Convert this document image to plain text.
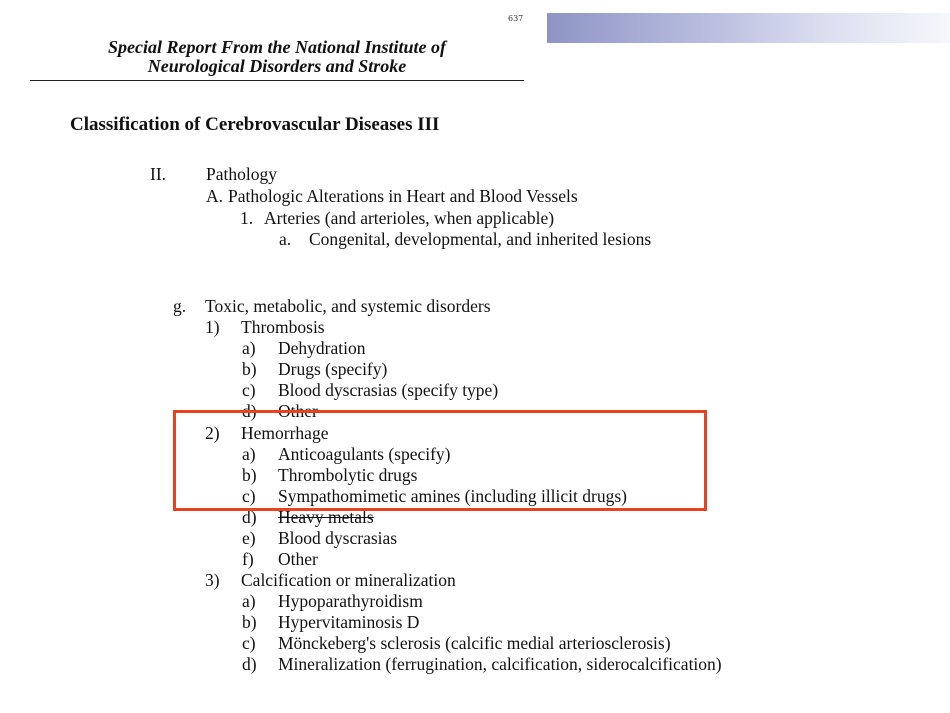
637
Special Report From the National Institute of
Neurological Disorders and Stroke
Classification of Cerebrovascular Diseases III
II. Pathology
A. Pathologic Alterations in Heart and Blood Vessels
1. Arteries (and arterioles, when applicable)
a. Congenital, developmental, and inherited lesions
g. Toxic, metabolic, and systemic disorders
1) Thrombosis
a) Dehydration
b) Drugs (specify)
c) Blood dyscrasias (specify type)
d) Other
2) Hemorrhage
a) Anticoagulants (specify)
b) Thrombolytic drugs
c) Sympathomimetic amines (including illicit drugs)
d) Heavy metals
e) Blood dyscrasias
f) Other
3) Calcification or mineralization
a) Hypoparathyroidism
b) Hypervitaminosis D
c) Mönckeberg's sclerosis (calcific medial arteriosclerosis)
d) Mineralization (ferrugination, calcification, siderocalcification)
